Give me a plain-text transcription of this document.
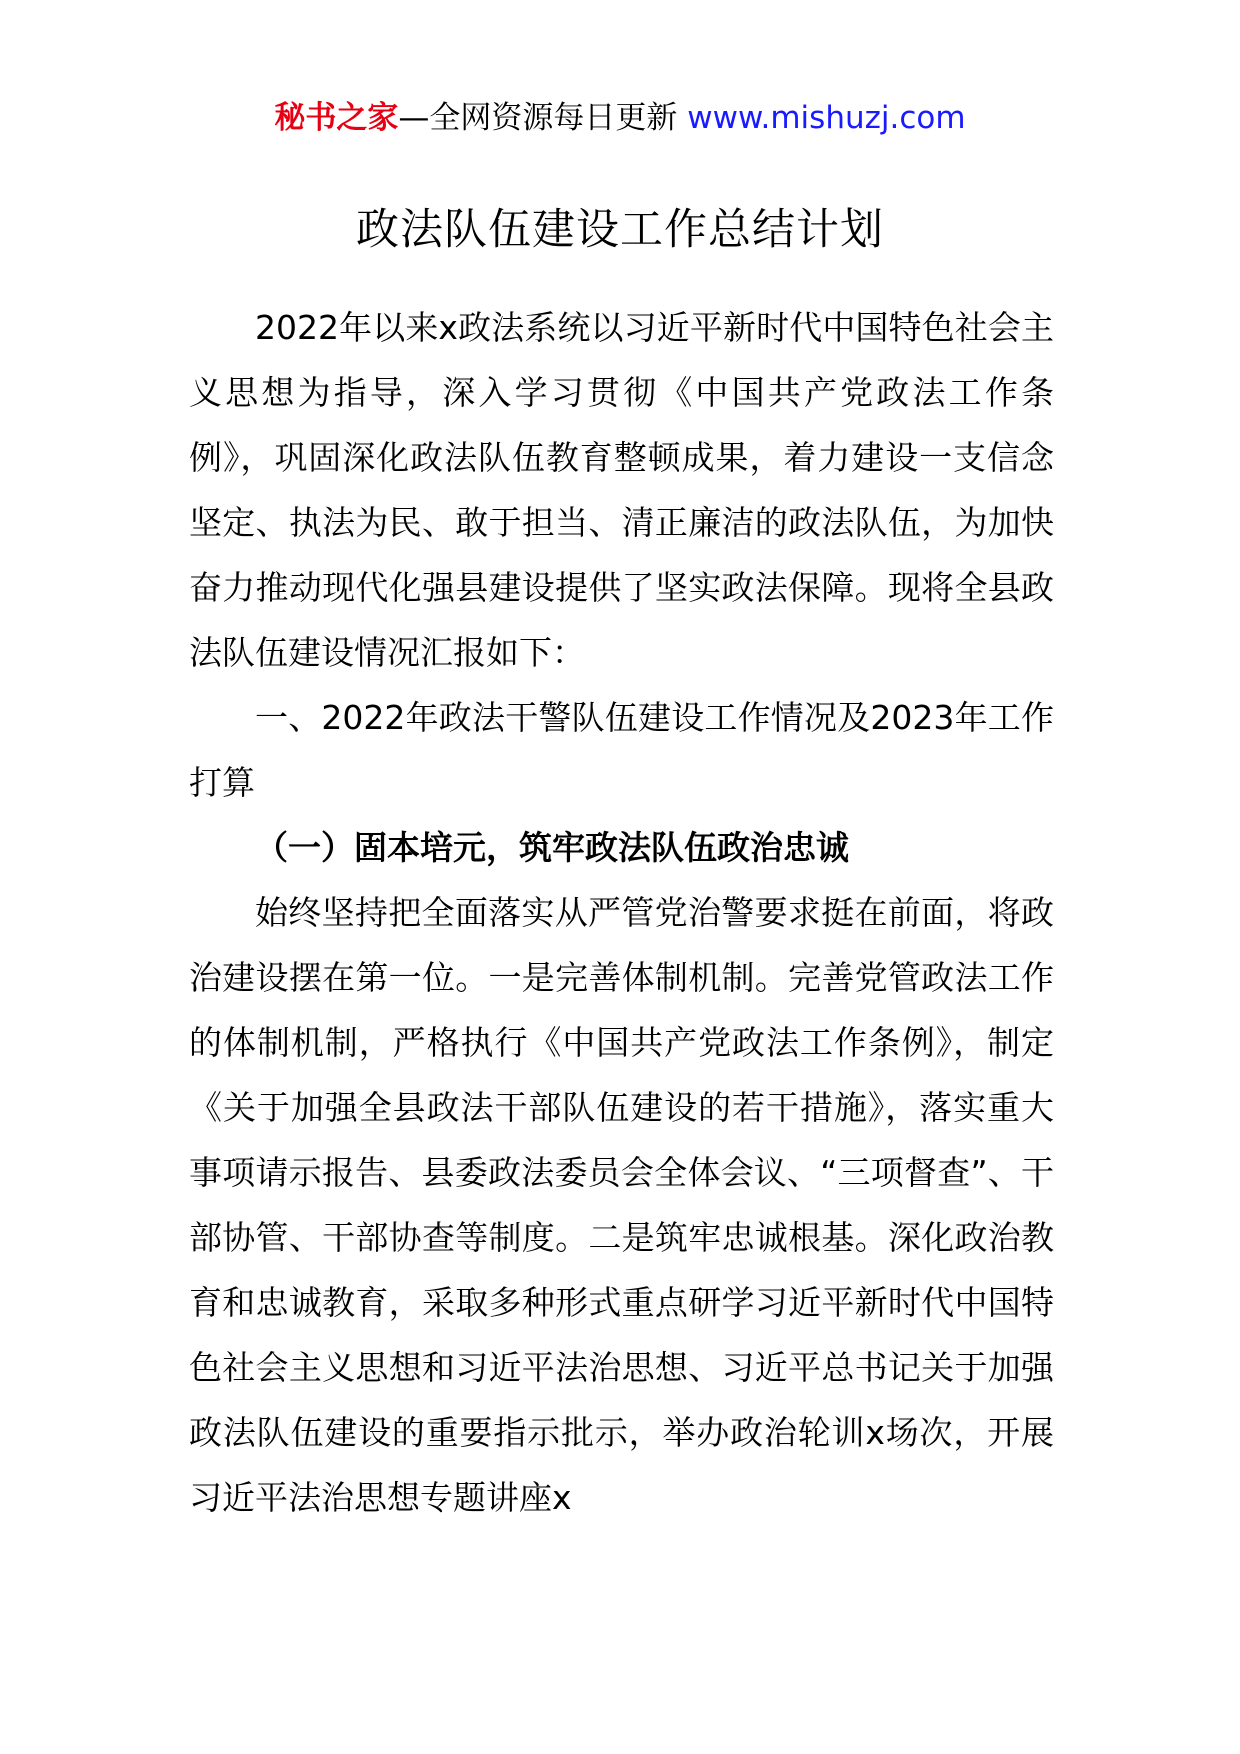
秘书之家—全网资源每日更新 www.mishuzj.com
政法队伍建设工作总结计划

2022年以来x政法系统以习近平新时代中国特色社会主义思想为指导，深入学习贯彻《中国共产党政法工作条例》，巩固深化政法队伍教育整顿成果，着力建设一支信念坚定、执法为民、敢于担当、清正廉洁的政法队伍，为加快奋力推动现代化强县建设提供了坚实政法保障。现将全县政法队伍建设情况汇报如下：

一、2022年政法干警队伍建设工作情况及2023年工作打算

（一）固本培元，筑牢政法队伍政治忠诚

始终坚持把全面落实从严管党治警要求挺在前面，将政治建设摆在第一位。一是完善体制机制。完善党管政法工作的体制机制，严格执行《中国共产党政法工作条例》，制定《关于加强全县政法干部队伍建设的若干措施》，落实重大事项请示报告、县委政法委员会全体会议、“三项督查”、干部协管、干部协查等制度。二是筑牢忠诚根基。深化政治教育和忠诚教育，采取多种形式重点研学习近平新时代中国特色社会主义思想和习近平法治思想、习近平总书记关于加强政法队伍建设的重要指示批示，举办政治轮训x场次，开展习近平法治思想专题讲座x
